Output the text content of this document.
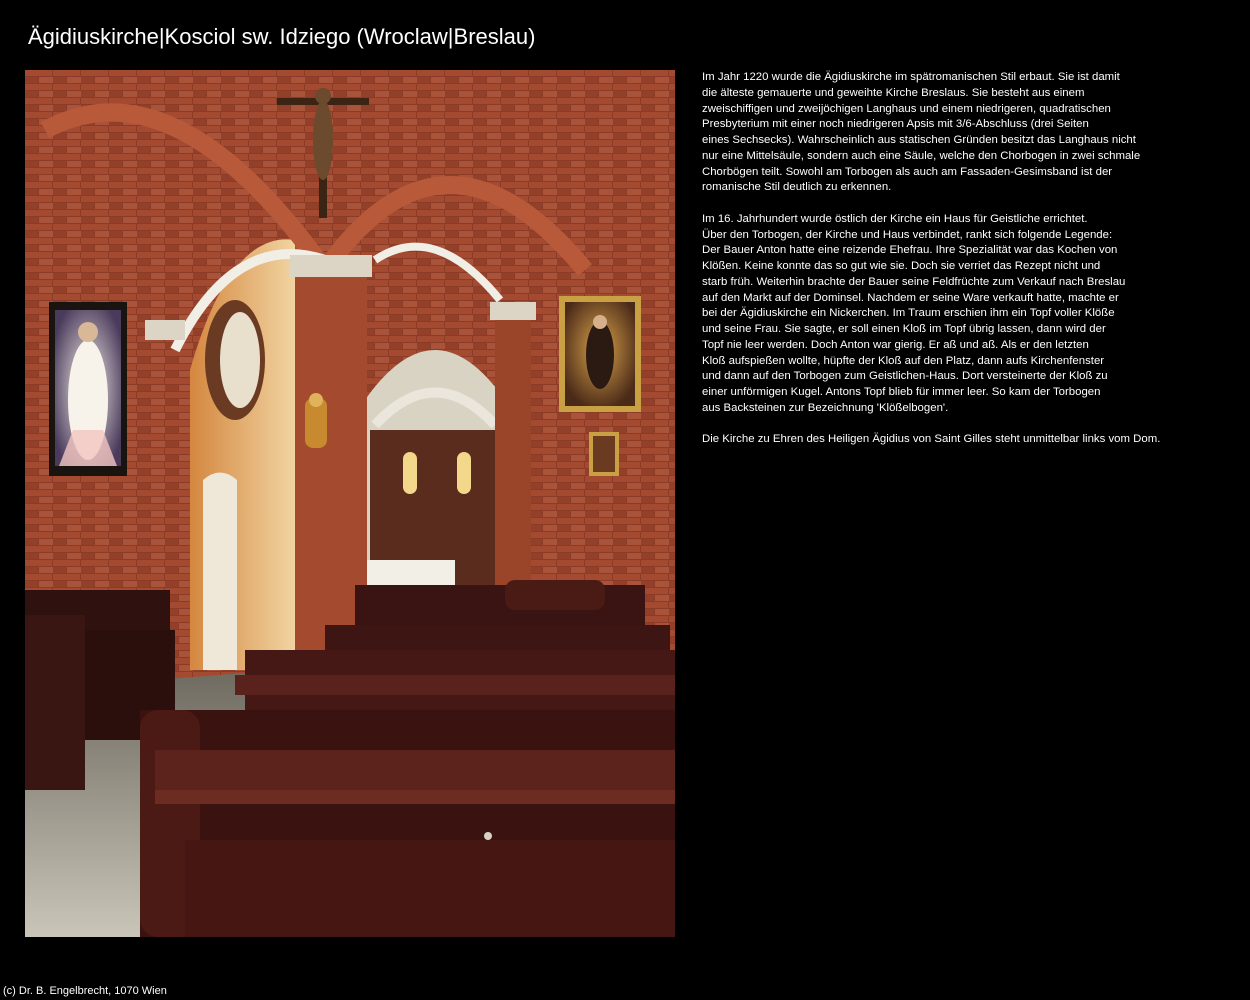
Ägidiuskirche|Kosciol sw. Idziego (Wroclaw|Breslau)

Im Jahr 1220 wurde die Ägidiuskirche im spätromanischen Stil erbaut. Sie ist damit
die älteste gemauerte und geweihte Kirche Breslaus. Sie besteht aus einem
zweischiffigen und zweijöchigen Langhaus und einem niedrigeren, quadratischen
Presbyterium mit einer noch niedrigeren Apsis mit 3/6-Abschluss (drei Seiten
eines Sechsecks). Wahrscheinlich aus statischen Gründen besitzt das Langhaus nicht
nur eine Mittelsäule, sondern auch eine Säule, welche den Chorbogen in zwei schmale
Chorbögen teilt. Sowohl am Torbogen als auch am Fassaden-Gesimsband ist der
romanische Stil deutlich zu erkennen.

Im 16. Jahrhundert wurde östlich der Kirche ein Haus für Geistliche errichtet.
Über den Torbogen, der Kirche und Haus verbindet, rankt sich folgende Legende:
Der Bauer Anton hatte eine reizende Ehefrau. Ihre Spezialität war das Kochen von
Klößen. Keine konnte das so gut wie sie. Doch sie verriet das Rezept nicht und
starb früh. Weiterhin brachte der Bauer seine Feldfrüchte zum Verkauf nach Breslau
auf den Markt auf der Dominsel. Nachdem er seine Ware verkauft hatte, machte er
bei der Ägidiuskirche ein Nickerchen. Im Traum erschien ihm ein Topf voller Klöße
und seine Frau. Sie sagte, er soll einen Kloß im Topf übrig lassen, dann wird der
Topf nie leer werden. Doch Anton war gierig. Er aß und aß. Als er den letzten
Kloß aufspießen wollte, hüpfte der Kloß auf den Platz, dann aufs Kirchenfenster
und dann auf den Torbogen zum Geistlichen-Haus. Dort versteinerte der Kloß zu
einer unförmigen Kugel. Antons Topf blieb für immer leer. So kam der Torbogen
aus Backsteinen zur Bezeichnung 'Klößelbogen'.

Die Kirche zu Ehren des Heiligen Ägidius von Saint Gilles steht unmittelbar links vom Dom.

(c) Dr. B. Engelbrecht, 1070 Wien
